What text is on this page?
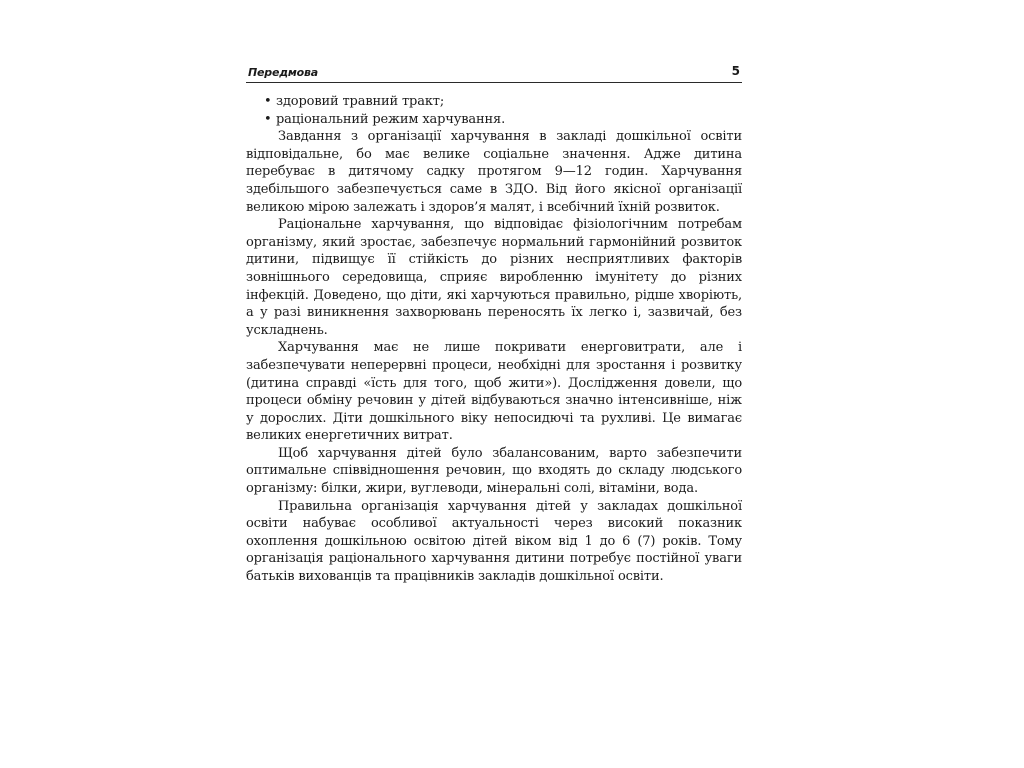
Передмова	5
• здоровий травний тракт;
• раціональний режим харчування.

Завдання з організації харчування в закладі дошкільної освіти відповідальне, бо має велике соціальне значення. Адже дитина перебуває в дитячому садку протягом 9—12 годин. Харчування здебільшого забезпечується саме в ЗДО. Від його якісної організації великою мірою залежать і здоров’я малят, і всебічний їхній розвиток.

Раціональне харчування, що відповідає фізіологічним потребам організму, який зростає, забезпечує нормальний гармонійний розвиток дитини, підвищує її стійкість до різних несприятливих факторів зовнішнього середовища, сприяє виробленню імунітету до різних інфекцій. Доведено, що діти, які харчуються правильно, рідше хворіють, а у разі виникнення захворювань переносять їх легко і, зазвичай, без ускладнень.

Харчування має не лише покривати енерговитрати, але і забезпечувати неперервні процеси, необхідні для зростання і розвитку (дитина справді «їсть для того, щоб жити»). Дослідження довели, що процеси обміну речовин у дітей відбуваються значно інтенсивніше, ніж у дорослих. Діти дошкільного віку непосидючі та рухливі. Це вимагає великих енергетичних витрат.

Щоб харчування дітей було збалансованим, варто забезпечити оптимальне співвідношення речовин, що входять до складу людського організму: білки, жири, вуглеводи, мінеральні солі, вітаміни, вода.

Правильна організація харчування дітей у закладах дошкільної освіти набуває особливої актуальності через високий показник охоплення дошкільною освітою дітей віком від 1 до 6 (7) років. Тому організація раціонального харчування дитини потребує постійної уваги батьків вихованців та працівників закладів дошкільної освіти.
